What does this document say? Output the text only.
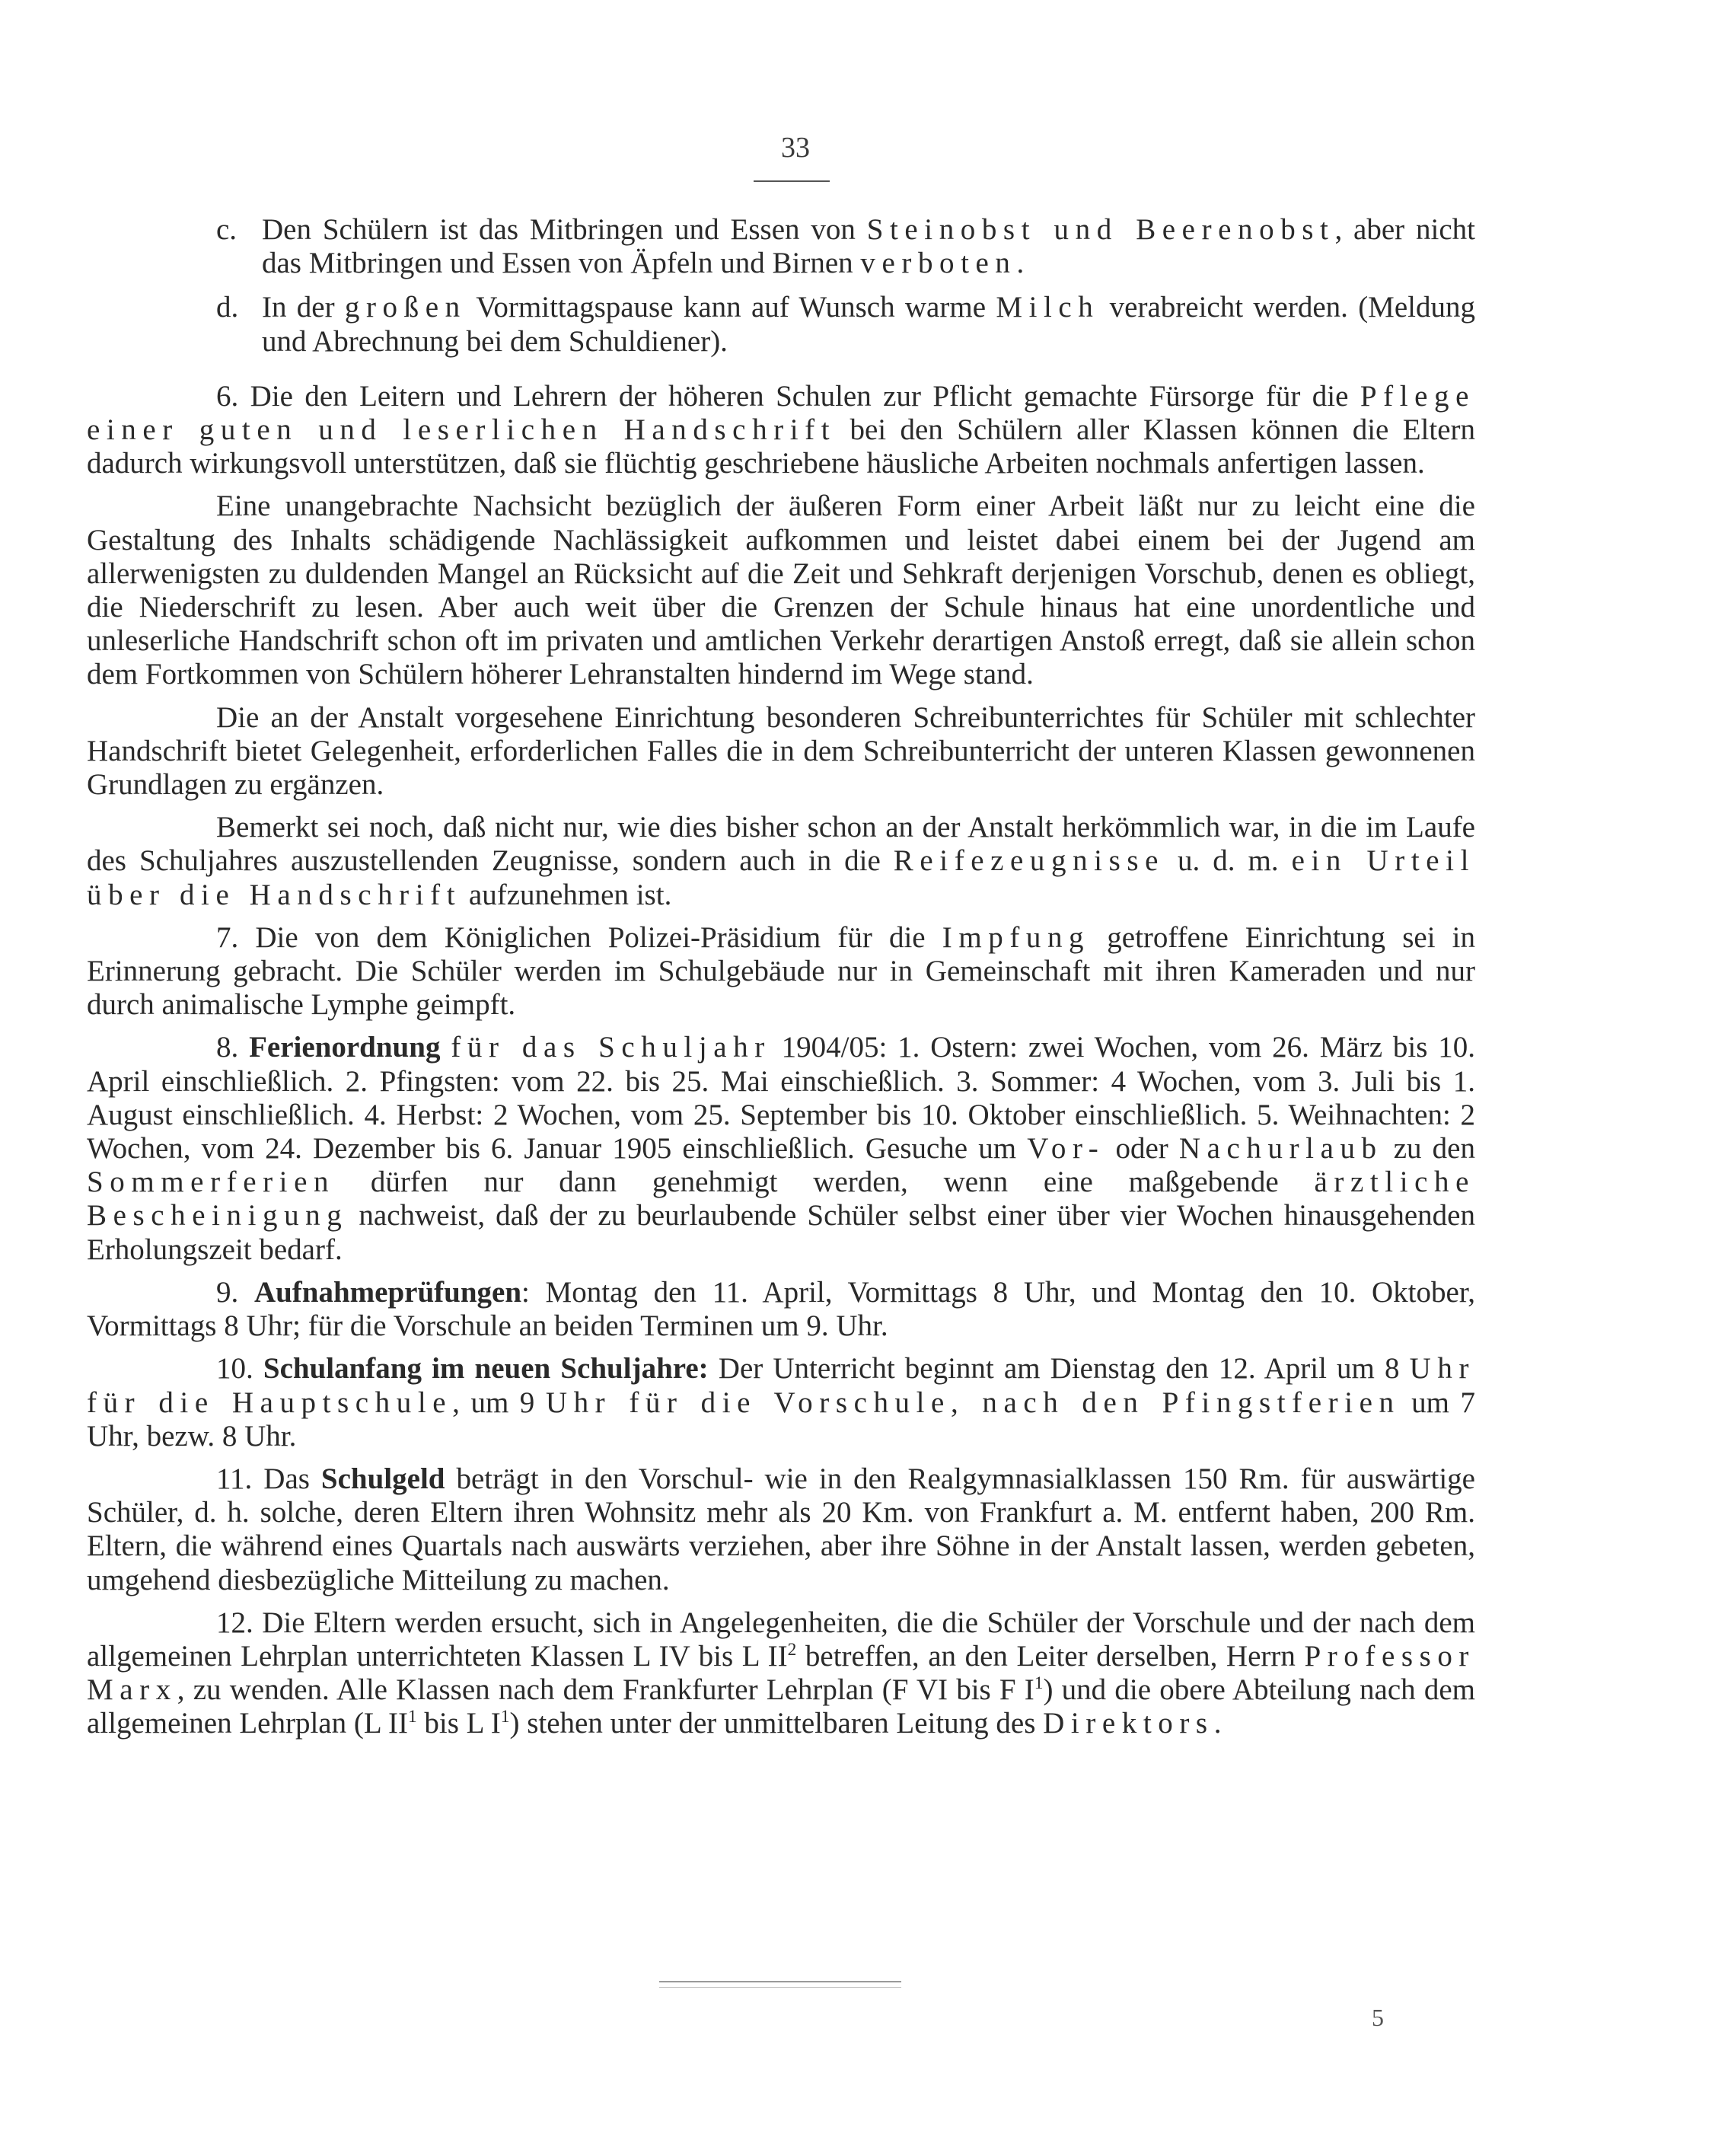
33
c. Den Schülern ist das Mitbringen und Essen von Steinobst und Beerenobst, aber nicht das Mitbringen und Essen von Äpfeln und Birnen verboten.
d. In der großen Vormittagspause kann auf Wunsch warme Milch verabreicht werden. (Meldung und Abrechnung bei dem Schuldiener).

6. Die den Leitern und Lehrern der höheren Schulen zur Pflicht gemachte Fürsorge für die Pflege einer guten und leserlichen Handschrift bei den Schülern aller Klassen können die Eltern dadurch wirkungsvoll unterstützen, daß sie flüchtig geschriebene häusliche Arbeiten nochmals anfertigen lassen.

Eine unangebrachte Nachsicht bezüglich der äußeren Form einer Arbeit läßt nur zu leicht eine die Gestaltung des Inhalts schädigende Nachlässigkeit aufkommen und leistet dabei einem bei der Jugend am allerwenigsten zu duldenden Mangel an Rücksicht auf die Zeit und Sehkraft derjenigen Vorschub, denen es obliegt, die Niederschrift zu lesen. Aber auch weit über die Grenzen der Schule hinaus hat eine unordentliche und unleserliche Handschrift schon oft im privaten und amtlichen Verkehr derartigen Anstoß erregt, daß sie allein schon dem Fortkommen von Schülern höherer Lehranstalten hindernd im Wege stand.

Die an der Anstalt vorgesehene Einrichtung besonderen Schreibunterrichtes für Schüler mit schlechter Handschrift bietet Gelegenheit, erforderlichen Falles die in dem Schreibunterricht der unteren Klassen gewonnenen Grundlagen zu ergänzen.

Bemerkt sei noch, daß nicht nur, wie dies bisher schon an der Anstalt herkömmlich war, in die im Laufe des Schuljahres auszustellenden Zeugnisse, sondern auch in die Reifezeugnisse u. d. m. ein Urteil über die Handschrift aufzunehmen ist.

7. Die von dem Königlichen Polizei-Präsidium für die Impfung getroffene Einrichtung sei in Erinnerung gebracht. Die Schüler werden im Schulgebäude nur in Gemeinschaft mit ihren Kameraden und nur durch animalische Lymphe geimpft.

8. Ferienordnung für das Schuljahr 1904/05: 1. Ostern: zwei Wochen, vom 26. März bis 10. April einschließlich. 2. Pfingsten: vom 22. bis 25. Mai einschießlich. 3. Sommer: 4 Wochen, vom 3. Juli bis 1. August einschließlich. 4. Herbst: 2 Wochen, vom 25. September bis 10. Oktober einschließlich. 5. Weihnachten: 2 Wochen, vom 24. Dezember bis 6. Januar 1905 einschließlich. Gesuche um Vor- oder Nachurlaub zu den Sommerferien dürfen nur dann genehmigt werden, wenn eine maßgebende ärztliche Bescheinigung nachweist, daß der zu beurlaubende Schüler selbst einer über vier Wochen hinausgehenden Erholungszeit bedarf.

9. Aufnahmeprüfungen: Montag den 11. April, Vormittags 8 Uhr, und Montag den 10. Oktober, Vormittags 8 Uhr; für die Vorschule an beiden Terminen um 9. Uhr.

10. Schulanfang im neuen Schuljahre: Der Unterricht beginnt am Dienstag den 12. April um 8 Uhr für die Hauptschule, um 9 Uhr für die Vorschule, nach den Pfingstferien um 7 Uhr, bezw. 8 Uhr.

11. Das Schulgeld beträgt in den Vorschul- wie in den Realgymnasialklassen 150 Rm. für auswärtige Schüler, d. h. solche, deren Eltern ihren Wohnsitz mehr als 20 Km. von Frankfurt a. M. entfernt haben, 200 Rm. Eltern, die während eines Quartals nach auswärts verziehen, aber ihre Söhne in der Anstalt lassen, werden gebeten, umgehend diesbezügliche Mitteilung zu machen.

12. Die Eltern werden ersucht, sich in Angelegenheiten, die die Schüler der Vorschule und der nach dem allgemeinen Lehrplan unterrichteten Klassen L IV bis L $II^2$ betreffen, an den Leiter derselben, Herrn Professor Marx, zu wenden. Alle Klassen nach dem Frankfurter Lehrplan (F VI bis F $I^1$) und die obere Abteilung nach dem allgemeinen Lehrplan (L $II^1$ bis L $I^1$) stehen unter der unmittelbaren Leitung des Direktors.

5
